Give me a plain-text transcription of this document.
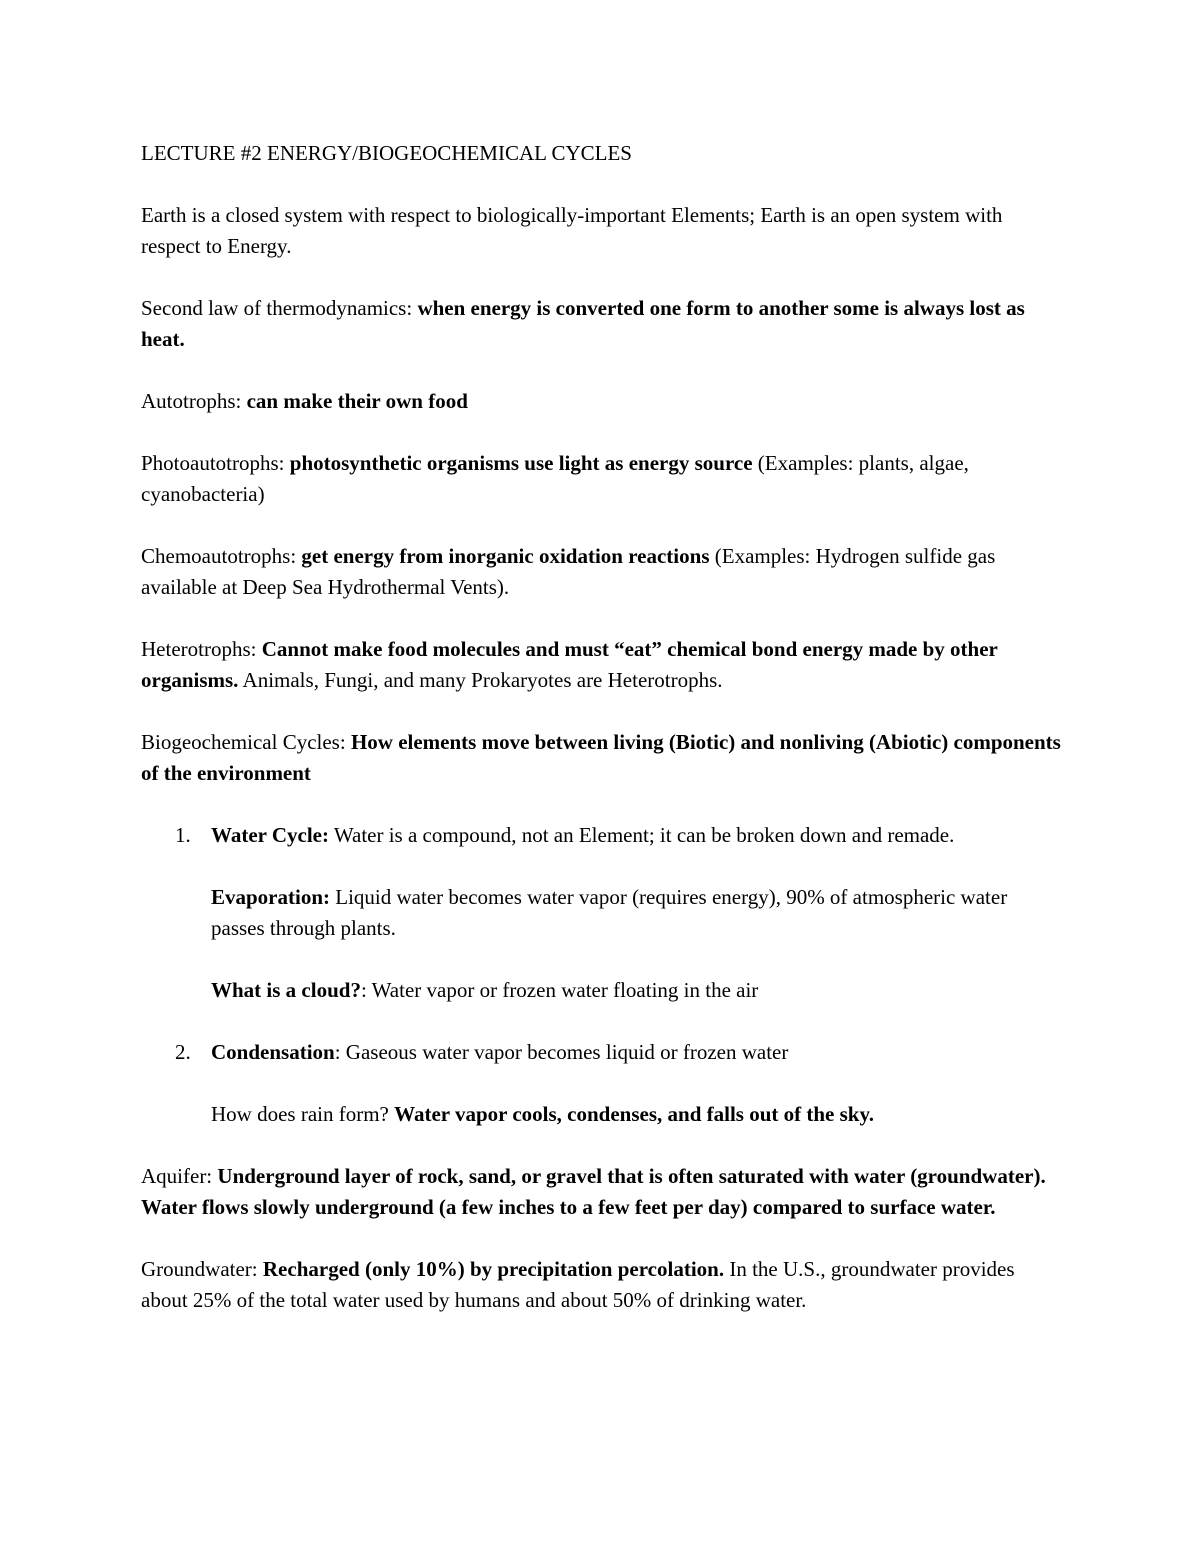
LECTURE #2 ENERGY/BIOGEOCHEMICAL CYCLES

Earth is a closed system with respect to biologically-important Elements; Earth is an open system with respect to Energy.

Second law of thermodynamics: when energy is converted one form to another some is always lost as heat.

Autotrophs: can make their own food

Photoautotrophs: photosynthetic organisms use light as energy source (Examples: plants, algae, cyanobacteria)

Chemoautotrophs: get energy from inorganic oxidation reactions (Examples: Hydrogen sulfide gas available at Deep Sea Hydrothermal Vents).

Heterotrophs: Cannot make food molecules and must “eat” chemical bond energy made by other organisms. Animals, Fungi, and many Prokaryotes are Heterotrophs.

Biogeochemical Cycles: How elements move between living (Biotic) and nonliving (Abiotic) components of the environment

1. Water Cycle: Water is a compound, not an Element; it can be broken down and remade.

Evaporation: Liquid water becomes water vapor (requires energy), 90% of atmospheric water passes through plants.

What is a cloud?: Water vapor or frozen water floating in the air

2. Condensation: Gaseous water vapor becomes liquid or frozen water

How does rain form? Water vapor cools, condenses, and falls out of the sky.

Aquifer: Underground layer of rock, sand, or gravel that is often saturated with water (groundwater). Water flows slowly underground (a few inches to a few feet per day) compared to surface water.

Groundwater: Recharged (only 10%) by precipitation percolation. In the U.S., groundwater provides about 25% of the total water used by humans and about 50% of drinking water.
